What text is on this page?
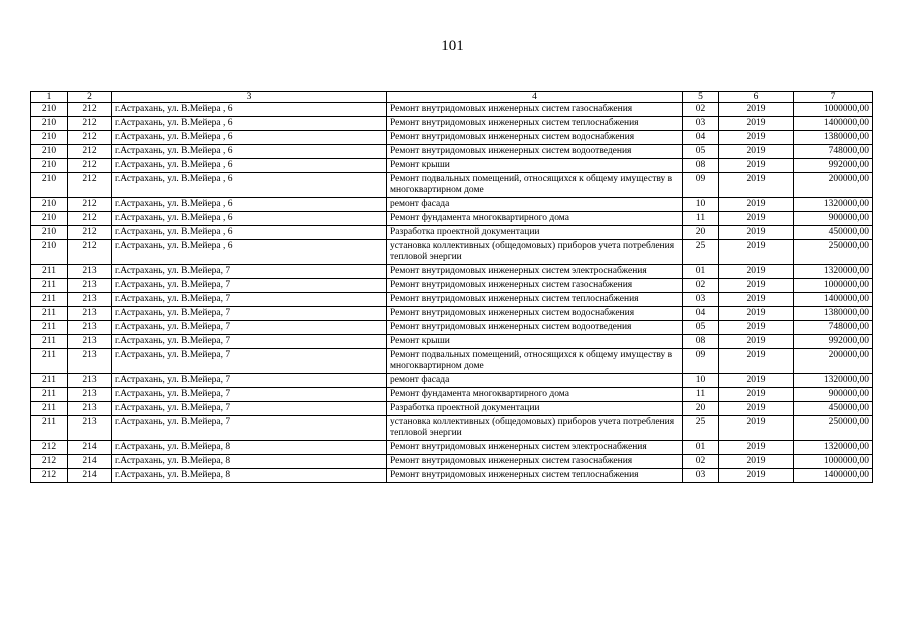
101
1	2	3	4	5	6	7
210	212	г.Астрахань, ул. В.Мейера , 6	Ремонт внутридомовых инженерных систем газоснабжения	02	2019	1000000,00
210	212	г.Астрахань, ул. В.Мейера , 6	Ремонт внутридомовых инженерных систем теплоснабжения	03	2019	1400000,00
210	212	г.Астрахань, ул. В.Мейера , 6	Ремонт внутридомовых инженерных систем водоснабжения	04	2019	1380000,00
210	212	г.Астрахань, ул. В.Мейера , 6	Ремонт внутридомовых инженерных систем водоотведения	05	2019	748000,00
210	212	г.Астрахань, ул. В.Мейера , 6	Ремонт крыши	08	2019	992000,00
210	212	г.Астрахань, ул. В.Мейера , 6	Ремонт подвальных помещений, относящихся к общему имуществу в многоквартирном доме	09	2019	200000,00
210	212	г.Астрахань, ул. В.Мейера , 6	ремонт фасада	10	2019	1320000,00
210	212	г.Астрахань, ул. В.Мейера , 6	Ремонт фундамента многоквартирного дома	11	2019	900000,00
210	212	г.Астрахань, ул. В.Мейера , 6	Разработка проектной документации	20	2019	450000,00
210	212	г.Астрахань, ул. В.Мейера , 6	установка коллективных (общедомовых) приборов учета потребления тепловой энергии	25	2019	250000,00
211	213	г.Астрахань, ул. В.Мейера, 7	Ремонт внутридомовых инженерных систем электроснабжения	01	2019	1320000,00
211	213	г.Астрахань, ул. В.Мейера, 7	Ремонт внутридомовых инженерных систем газоснабжения	02	2019	1000000,00
211	213	г.Астрахань, ул. В.Мейера, 7	Ремонт внутридомовых инженерных систем теплоснабжения	03	2019	1400000,00
211	213	г.Астрахань, ул. В.Мейера, 7	Ремонт внутридомовых инженерных систем водоснабжения	04	2019	1380000,00
211	213	г.Астрахань, ул. В.Мейера, 7	Ремонт внутридомовых инженерных систем водоотведения	05	2019	748000,00
211	213	г.Астрахань, ул. В.Мейера, 7	Ремонт крыши	08	2019	992000,00
211	213	г.Астрахань, ул. В.Мейера, 7	Ремонт подвальных помещений, относящихся к общему имуществу в многоквартирном доме	09	2019	200000,00
211	213	г.Астрахань, ул. В.Мейера, 7	ремонт фасада	10	2019	1320000,00
211	213	г.Астрахань, ул. В.Мейера, 7	Ремонт фундамента многоквартирного дома	11	2019	900000,00
211	213	г.Астрахань, ул. В.Мейера, 7	Разработка проектной документации	20	2019	450000,00
211	213	г.Астрахань, ул. В.Мейера, 7	установка коллективных (общедомовых) приборов учета потребления тепловой энергии	25	2019	250000,00
212	214	г.Астрахань, ул. В.Мейера, 8	Ремонт внутридомовых инженерных систем электроснабжения	01	2019	1320000,00
212	214	г.Астрахань, ул. В.Мейера, 8	Ремонт внутридомовых инженерных систем газоснабжения	02	2019	1000000,00
212	214	г.Астрахань, ул. В.Мейера, 8	Ремонт внутридомовых инженерных систем теплоснабжения	03	2019	1400000,00
